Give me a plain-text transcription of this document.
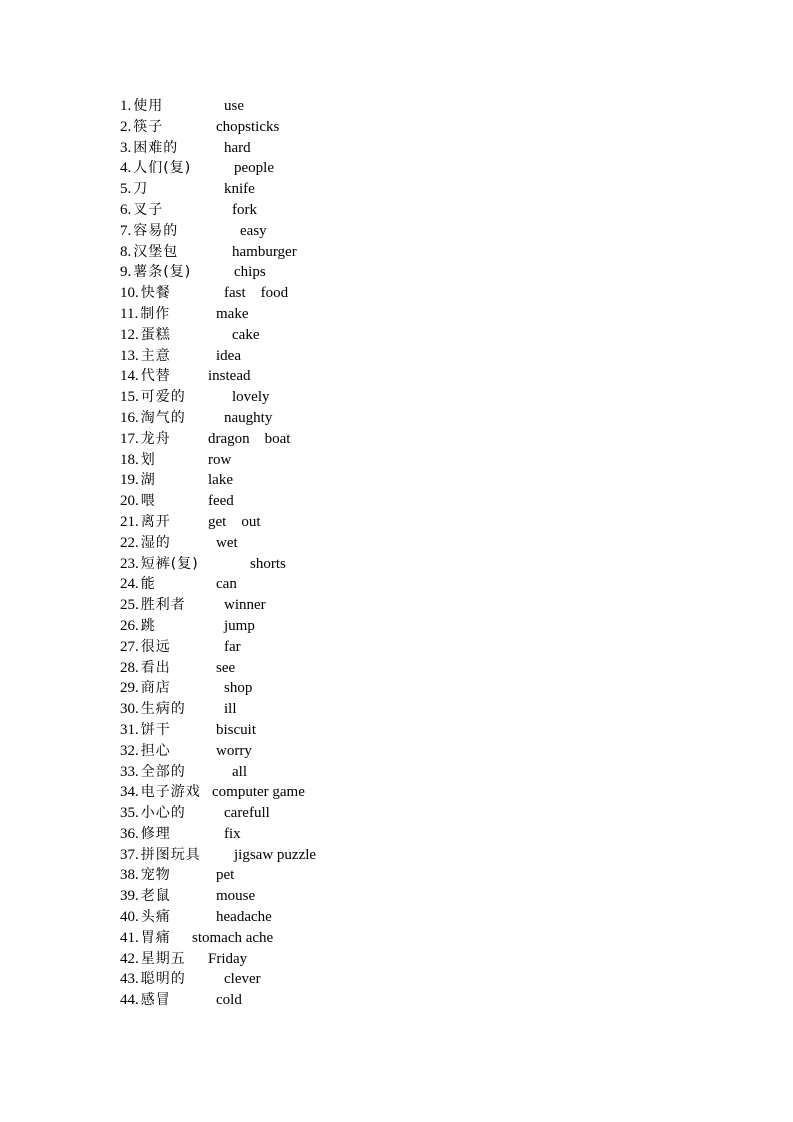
1. 使用	use
2. 筷子	chopsticks
3. 困难的	hard
4. 人们(复)	people
5. 刀	knife
6. 叉子	fork
7. 容易的	easy
8. 汉堡包	hamburger
9. 薯条(复)	chips
10. 快餐	fast    food
11. 制作	make
12. 蛋糕	cake
13. 主意	idea
14. 代替 instead
15. 可爱的	lovely
16. 淘气的	naughty
17. 龙舟 dragon    boat
18. 划	row
19. 湖	lake
20. 喂	feed
21. 离开 get    out
22. 湿的	wet
23. 短裤(复)	shorts
24. 能	can
25. 胜利者	winner
26. 跳	jump
27. 很远	far
28. 看出	see
29. 商店	shop
30. 生病的	ill
31. 饼干	biscuit
32. 担心	worry
33. 全部的	all
34. 电子游戏 computer game
35. 小心的	carefull
36. 修理	fix
37. 拼图玩具 jigsaw puzzle
38. 宠物	pet
39. 老鼠	mouse
40. 头痛	headache
41. 胃痛 stomach ache
42. 星期五 Friday
43. 聪明的	clever
44. 感冒	cold
